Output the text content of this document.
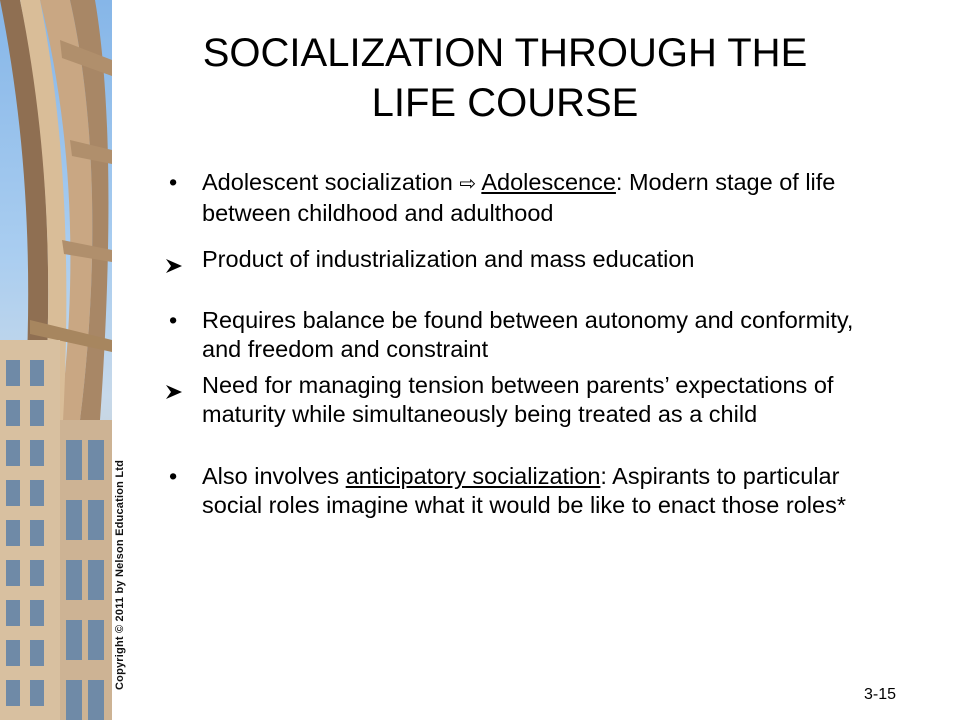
Copyright © 2011 by Nelson Education Ltd
SOCIALIZATION THROUGH THE
LIFE COURSE
•	Adolescent socialization ⇨ Adolescence: Modern stage of life between childhood and adulthood
Product of industrialization and mass education
•	Requires balance be found between autonomy and conformity, and freedom and constraint
Need for managing tension between parents’ expectations of maturity while simultaneously being treated as a child
•	Also involves anticipatory socialization: Aspirants to particular social roles imagine what it would be like to enact those roles*
3-15
